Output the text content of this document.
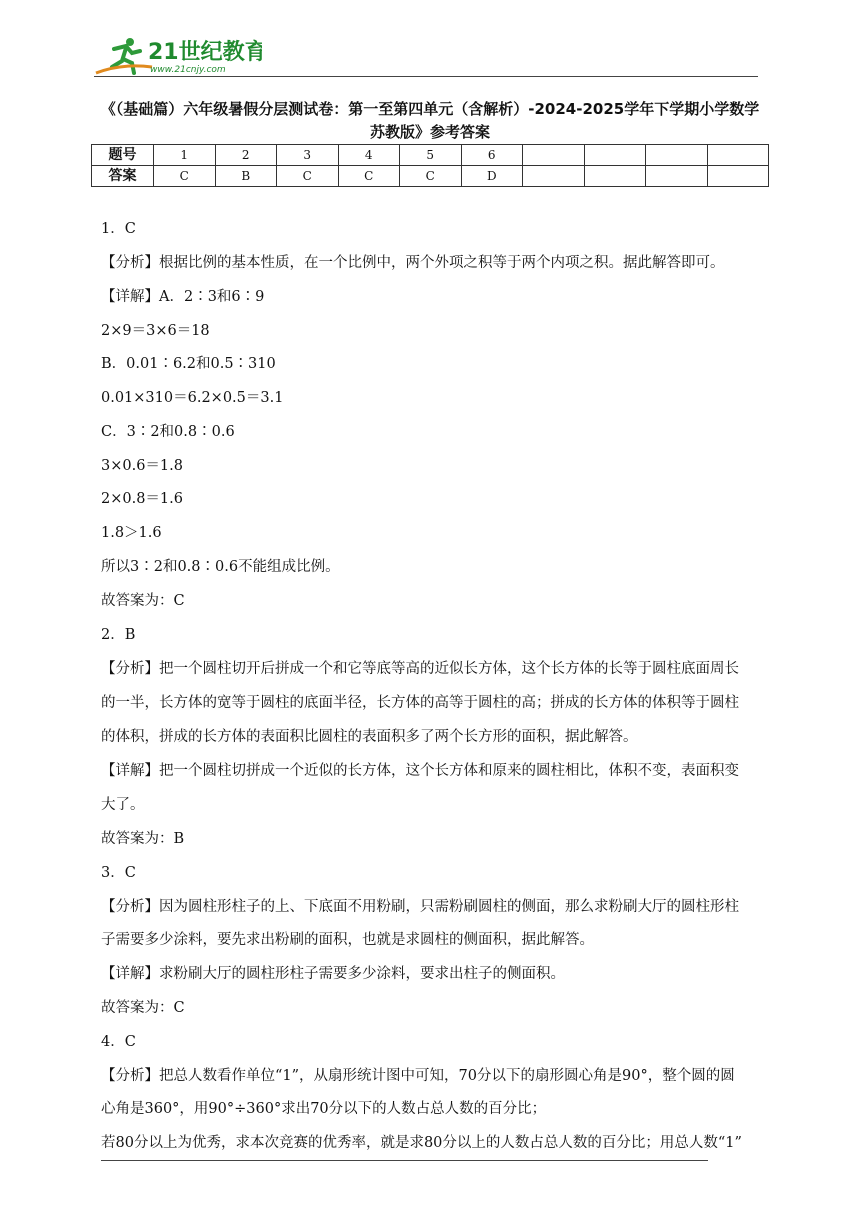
21世纪教育
www.21cnjy.com
《（基础篇）六年级暑假分层测试卷：第一至第四单元（含解析）-2024-2025学年下学期小学数学
苏教版》参考答案
题号	1	2	3	4	5	6				
答案	C	B	C	C	C	D				
1．C
【分析】根据比例的基本性质，在一个比例中，两个外项之积等于两个内项之积。据此解答即可。
【详解】A．2∶3和6∶9
2×9＝3×6＝18
B．0.01∶6.2和0.5∶310
0.01×310＝6.2×0.5＝3.1
C．3∶2和0.8∶0.6
3×0.6＝1.8
2×0.8＝1.6
1.8＞1.6
所以3∶2和0.8∶0.6不能组成比例。
故答案为：C
2．B
【分析】把一个圆柱切开后拼成一个和它等底等高的近似长方体，这个长方体的长等于圆柱底面周长
的一半，长方体的宽等于圆柱的底面半径，长方体的高等于圆柱的高；拼成的长方体的体积等于圆柱
的体积，拼成的长方体的表面积比圆柱的表面积多了两个长方形的面积，据此解答。
【详解】把一个圆柱切拼成一个近似的长方体，这个长方体和原来的圆柱相比，体积不变，表面积变
大了。
故答案为：B
3．C
【分析】因为圆柱形柱子的上、下底面不用粉刷，只需粉刷圆柱的侧面，那么求粉刷大厅的圆柱形柱
子需要多少涂料，要先求出粉刷的面积，也就是求圆柱的侧面积，据此解答。
【详解】求粉刷大厅的圆柱形柱子需要多少涂料，要求出柱子的侧面积。
故答案为：C
4．C
【分析】把总人数看作单位“1”，从扇形统计图中可知，70分以下的扇形圆心角是90°，整个圆的圆
心角是360°，用90°÷360°求出70分以下的人数占总人数的百分比；
若80分以上为优秀，求本次竞赛的优秀率，就是求80分以上的人数占总人数的百分比；用总人数“1”
